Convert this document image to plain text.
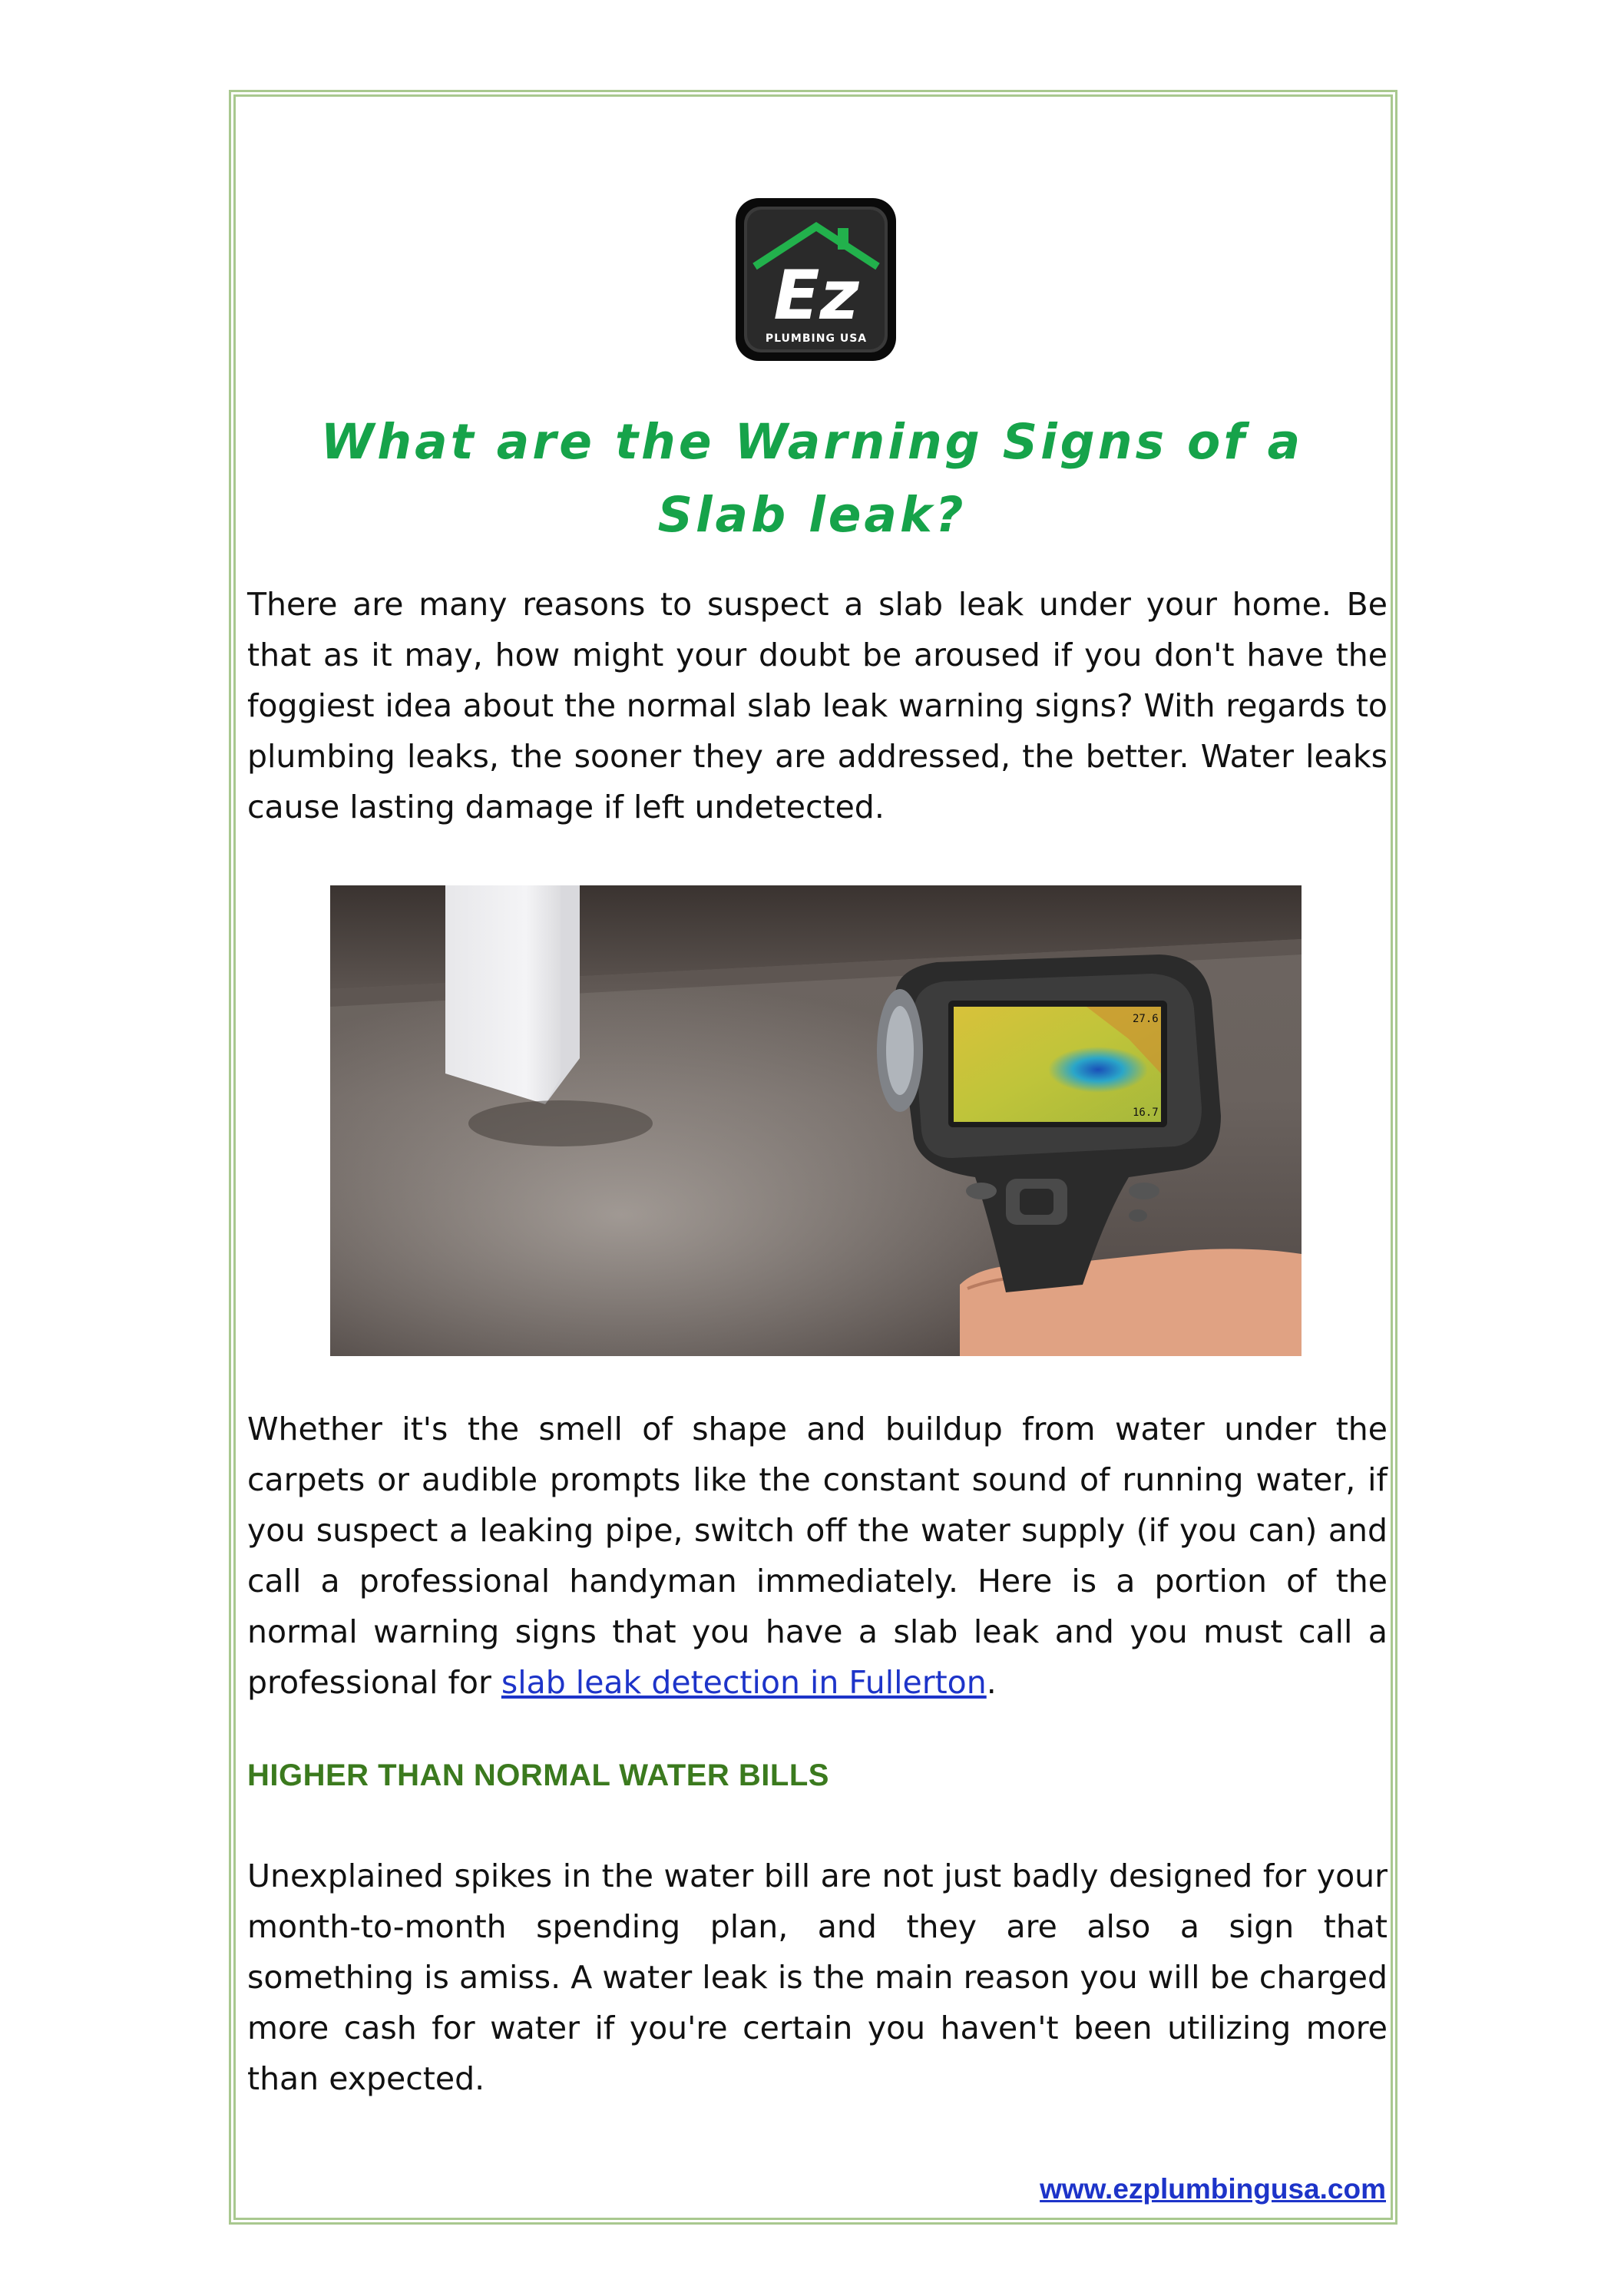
Ez
PLUMBING USA
What are the Warning Signs of a Slab leak?

There are many reasons to suspect a slab leak under your home. Be that as it may, how might your doubt be aroused if you don't have the foggiest idea about the normal slab leak warning signs? With regards to plumbing leaks, the sooner they are addressed, the better. Water leaks cause lasting damage if left undetected.

27.6
16.7

Whether it's the smell of shape and buildup from water under the carpets or audible prompts like the constant sound of running water, if you suspect a leaking pipe, switch off the water supply (if you can) and call a professional handyman immediately. Here is a portion of the normal warning signs that you have a slab leak and you must call a professional for slab leak detection in Fullerton.

HIGHER THAN NORMAL WATER BILLS

Unexplained spikes in the water bill are not just badly designed for your month-to-month spending plan, and they are also a sign that something is amiss. A water leak is the main reason you will be charged more cash for water if you're certain you haven't been utilizing more than expected.

www.ezplumbingusa.com
